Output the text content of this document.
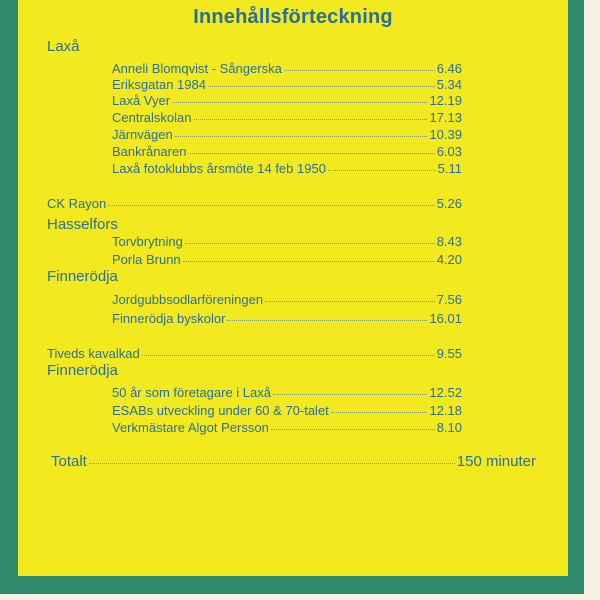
Innehållsförteckning
Laxå
Anneli Blomqvist - Sångerska	6.46
Eriksgatan 1984	5.34
Laxå Vyer	12.19
Centralskolan	17.13
Järnvägen	10.39
Bankrånaren	6.03
Laxå fotoklubbs årsmöte 14 feb 1950	5.11
CK Rayon	5.26
Hasselfors
Torvbrytning	8.43
Porla Brunn	4.20
Finnerödja
Jordgubbsodlarföreningen	7.56
Finnerödja byskolor	16.01
Tiveds kavalkad	9.55
Finnerödja
50 år som företagare i Laxå	12.52
ESABs utveckling under 60 & 70-talet	12.18
Verkmästare Algot Persson	8.10
Totalt	150 minuter
